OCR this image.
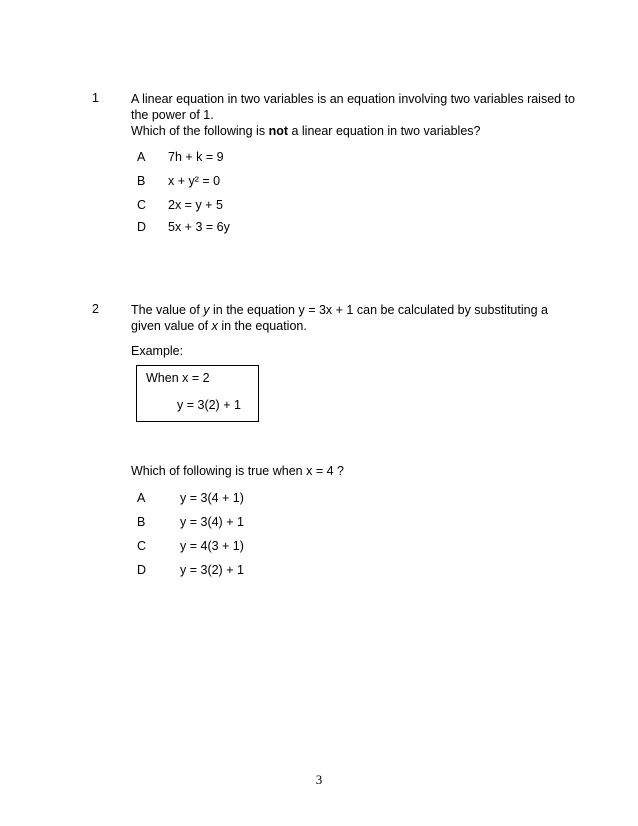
1	A linear equation in two variables is an equation involving two variables raised to
the power of 1.
Which of the following is not a linear equation in two variables?
A 7h + k = 9
B x + y² = 0
C 2x = y + 5
D 5x + 3 = 6y
2	The value of y in the equation y = 3x + 1 can be calculated by substituting a
given value of x in the equation.
Example:
When x = 2
y = 3(2) + 1
Which of following is true when x = 4 ?
A	y = 3(4 + 1)
B	y = 3(4) + 1
C	y = 4(3 + 1)
D	y = 3(2) + 1
3
